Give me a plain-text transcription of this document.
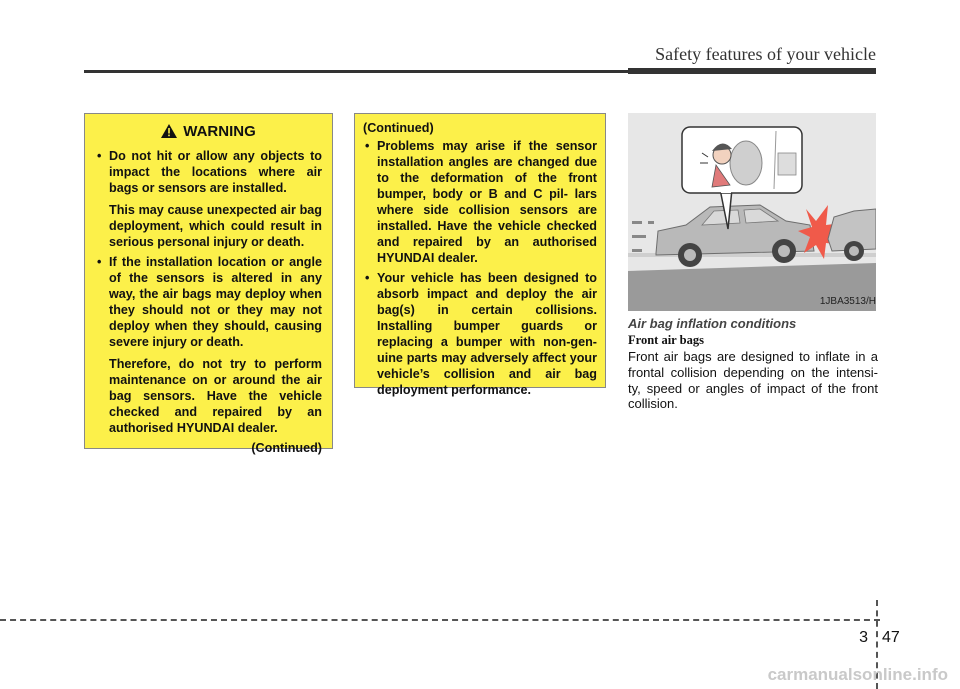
Safety features of your vehicle
WARNING

• Do not hit or allow any objects to impact the locations where air bags or sensors are installed.

This may cause unexpected air bag deployment, which could result in serious personal injury or death.

• If the installation location or angle of the sensors is altered in any way, the air bags may deploy when they should not or they may not deploy when they should, causing severe injury or death.

Therefore, do not try to perform maintenance on or around the air bag sensors. Have the vehicle checked and repaired by an authorised HYUNDAI dealer.

(Continued)
(Continued)

• Problems may arise if the sensor installation angles are changed due to the deformation of the front bumper, body or B and C pil- lars where side collision sensors are installed. Have the vehicle checked and repaired by an authorised HYUNDAI dealer.

• Your vehicle has been designed to absorb impact and deploy the air bag(s) in certain collisions. Installing bumper guards or replacing a bumper with non-gen- uine parts may adversely affect your vehicle’s collision and air bag deployment performance.

1JBA3513/H
Air bag inflation conditions
Front air bags

Front air bags are designed to inflate in a frontal collision depending on the intensi- ty, speed or angles of impact of the front collision.

3 47
carmanualsonline.info
